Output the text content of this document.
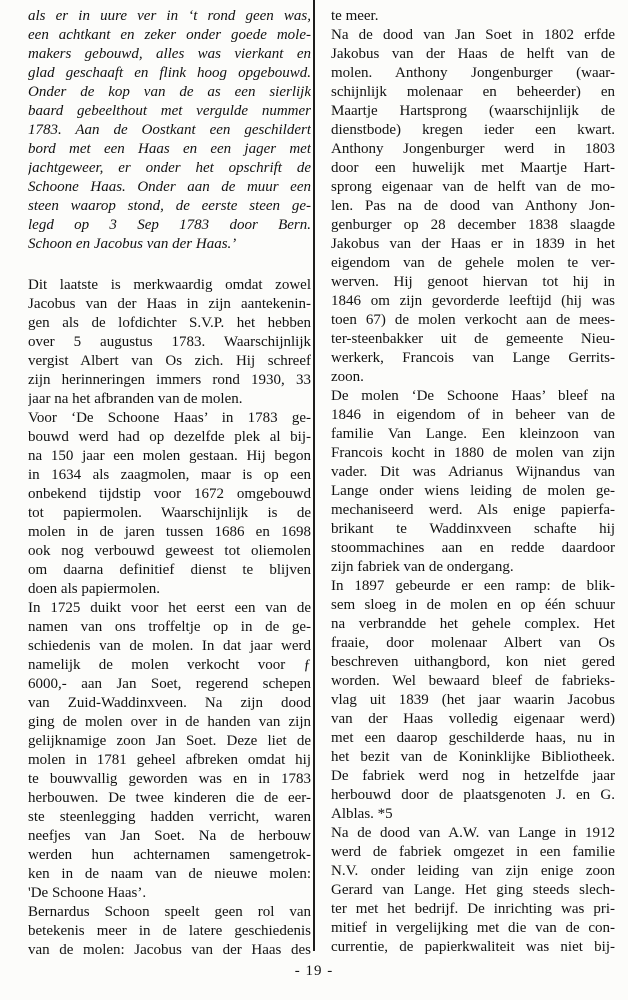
als er in uure ver in ‘t rond geen was,
een achtkant en zeker onder goede mole-
makers gebouwd, alles was vierkant en
glad geschaaft en flink hoog opgebouwd.
Onder de kop van de as een sierlijk
baard gebeelthout met vergulde nummer
1783. Aan de Oostkant een geschildert
bord met een Haas en een jager met
jachtgeweer, er onder het opschrift de
Schoone Haas. Onder aan de muur een
steen waarop stond, de eerste steen ge-
legd op 3 Sep 1783 door Bern.
Schoon en Jacobus van der Haas.’
Dit laatste is merkwaardig omdat zowel
Jacobus van der Haas in zijn aantekenin-
gen als de lofdichter S.V.P. het hebben
over 5 augustus 1783. Waarschijnlijk
vergist Albert van Os zich. Hij schreef
zijn herinneringen immers rond 1930, 33
jaar na het afbranden van de molen.
Voor ‘De Schoone Haas’ in 1783 ge-
bouwd werd had op dezelfde plek al bij-
na 150 jaar een molen gestaan. Hij begon
in 1634 als zaagmolen, maar is op een
onbekend tijdstip voor 1672 omgebouwd
tot papiermolen. Waarschijnlijk is de
molen in de jaren tussen 1686 en 1698
ook nog verbouwd geweest tot oliemolen
om daarna definitief dienst te blijven
doen als papiermolen.
In 1725 duikt voor het eerst een van de
namen van ons troffeltje op in de ge-
schiedenis van de molen. In dat jaar werd
namelijk de molen verkocht voor ƒ
6000,- aan Jan Soet, regerend schepen
van Zuid-Waddinxveen. Na zijn dood
ging de molen over in de handen van zijn
gelijknamige zoon Jan Soet. Deze liet de
molen in 1781 geheel afbreken omdat hij
te bouwvallig geworden was en in 1783
herbouwen. De twee kinderen die de eer-
ste steenlegging hadden verricht, waren
neefjes van Jan Soet. Na de herbouw
werden hun achternamen samengetrok-
ken in de naam van de nieuwe molen:
'De Schoone Haas’.
Bernardus Schoon speelt geen rol van
betekenis meer in de latere geschiedenis
van de molen: Jacobus van der Haas des
te meer.
Na de dood van Jan Soet in 1802 erfde
Jakobus van der Haas de helft van de
molen. Anthony Jongenburger (waar-
schijnlijk molenaar en beheerder) en
Maartje Hartsprong (waarschijnlijk de
dienstbode) kregen ieder een kwart.
Anthony Jongenburger werd in 1803
door een huwelijk met Maartje Hart-
sprong eigenaar van de helft van de mo-
len. Pas na de dood van Anthony Jon-
genburger op 28 december 1838 slaagde
Jakobus van der Haas er in 1839 in het
eigendom van de gehele molen te ver-
werven. Hij genoot hiervan tot hij in
1846 om zijn gevorderde leeftijd (hij was
toen 67) de molen verkocht aan de mees-
ter-steenbakker uit de gemeente Nieu-
werkerk, Francois van Lange Gerrits-
zoon.
De molen ‘De Schoone Haas’ bleef na
1846 in eigendom of in beheer van de
familie Van Lange. Een kleinzoon van
Francois kocht in 1880 de molen van zijn
vader. Dit was Adrianus Wijnandus van
Lange onder wiens leiding de molen ge-
mechaniseerd werd. Als enige papierfa-
brikant te Waddinxveen schafte hij
stoommachines aan en redde daardoor
zijn fabriek van de ondergang.
In 1897 gebeurde er een ramp: de blik-
sem sloeg in de molen en op één schuur
na verbrandde het gehele complex. Het
fraaie, door molenaar Albert van Os
beschreven uithangbord, kon niet gered
worden. Wel bewaard bleef de fabrieks-
vlag uit 1839 (het jaar waarin Jacobus
van der Haas volledig eigenaar werd)
met een daarop geschilderde haas, nu in
het bezit van de Koninklijke Bibliotheek.
De fabriek werd nog in hetzelfde jaar
herbouwd door de plaatsgenoten J. en G.
Alblas. *5
Na de dood van A.W. van Lange in 1912
werd de fabriek omgezet in een familie
N.V. onder leiding van zijn enige zoon
Gerard van Lange. Het ging steeds slech-
ter met het bedrijf. De inrichting was pri-
mitief in vergelijking met die van de con-
currentie, de papierkwaliteit was niet bij-
- 19 -
